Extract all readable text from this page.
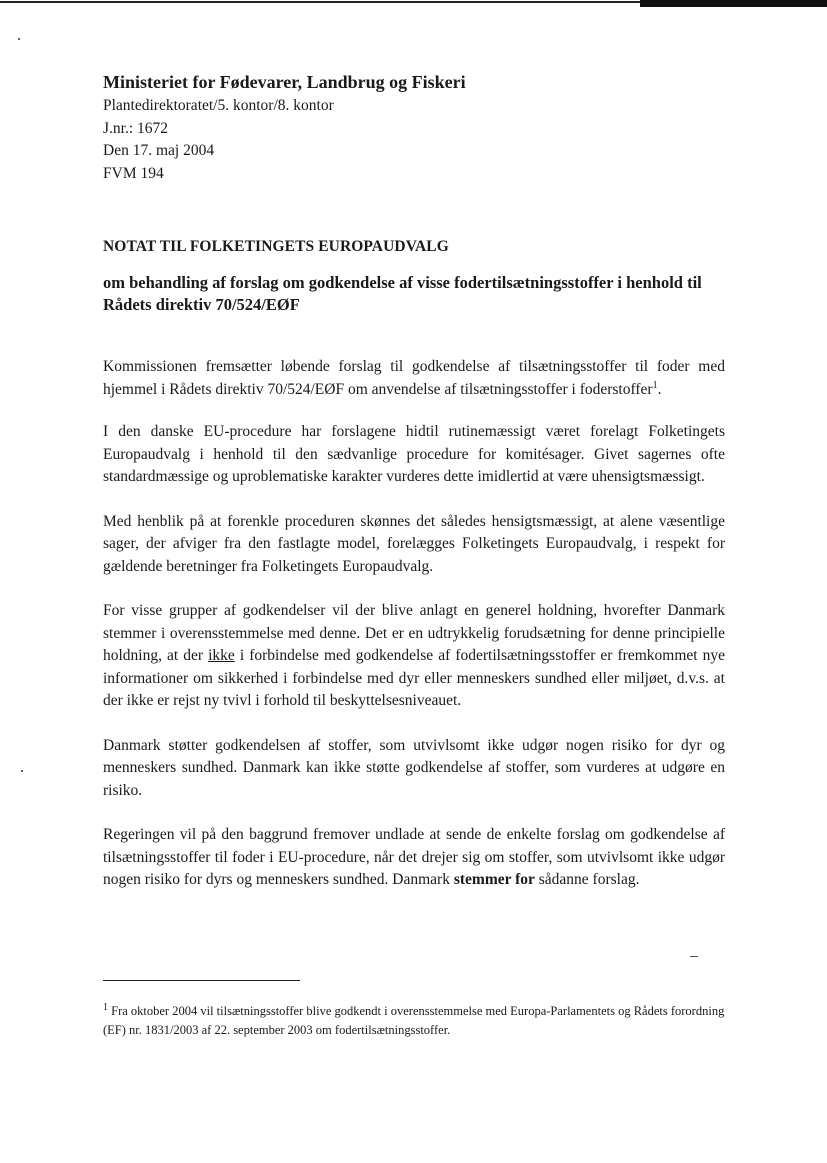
Ministeriet for Fødevarer, Landbrug og Fiskeri
Plantedirektoratet/5. kontor/8. kontor
J.nr.: 1672
Den 17. maj 2004
FVM 194
NOTAT TIL FOLKETINGETS EUROPAUDVALG
om behandling af forslag om godkendelse af visse fodertilsætningsstoffer i henhold til Rådets direktiv 70/524/EØF

Kommissionen fremsætter løbende forslag til godkendelse af tilsætningsstoffer til foder med hjemmel i Rådets direktiv 70/524/EØF om anvendelse af tilsætningsstoffer i foderstoffer$^1$.

I den danske EU-procedure har forslagene hidtil rutinemæssigt været forelagt Folketingets Europaudvalg i henhold til den sædvanlige procedure for komitésager. Givet sagernes ofte standardmæssige og uproblematiske karakter vurderes dette imidlertid at være uhensigtsmæssigt.

Med henblik på at forenkle proceduren skønnes det således hensigtsmæssigt, at alene væsentlige sager, der afviger fra den fastlagte model, forelægges Folketingets Europaudvalg, i respekt for gældende beretninger fra Folketingets Europaudvalg.

For visse grupper af godkendelser vil der blive anlagt en generel holdning, hvorefter Danmark stemmer i overensstemmelse med denne. Det er en udtrykkelig forudsætning for denne principielle holdning, at der ikke i forbindelse med godkendelse af fodertilsætningsstoffer er fremkommet nye informationer om sikkerhed i forbindelse med dyr eller menneskers sundhed eller miljøet, d.v.s. at der ikke er rejst ny tvivl i forhold til beskyttelsesniveauet.

Danmark støtter godkendelsen af stoffer, som utvivlsomt ikke udgør nogen risiko for dyr og menneskers sundhed. Danmark kan ikke støtte godkendelse af stoffer, som vurderes at udgøre en risiko.

Regeringen vil på den baggrund fremover undlade at sende de enkelte forslag om godkendelse af tilsætningsstoffer til foder i EU-procedure, når det drejer sig om stoffer, som utvivlsomt ikke udgør nogen risiko for dyrs og menneskers sundhed. Danmark stemmer for sådanne forslag.

$^1$ Fra oktober 2004 vil tilsætningsstoffer blive godkendt i overensstemmelse med Europa-Parlamentets og Rådets forordning (EF) nr. 1831/2003 af 22. september 2003 om fodertilsætningsstoffer.
